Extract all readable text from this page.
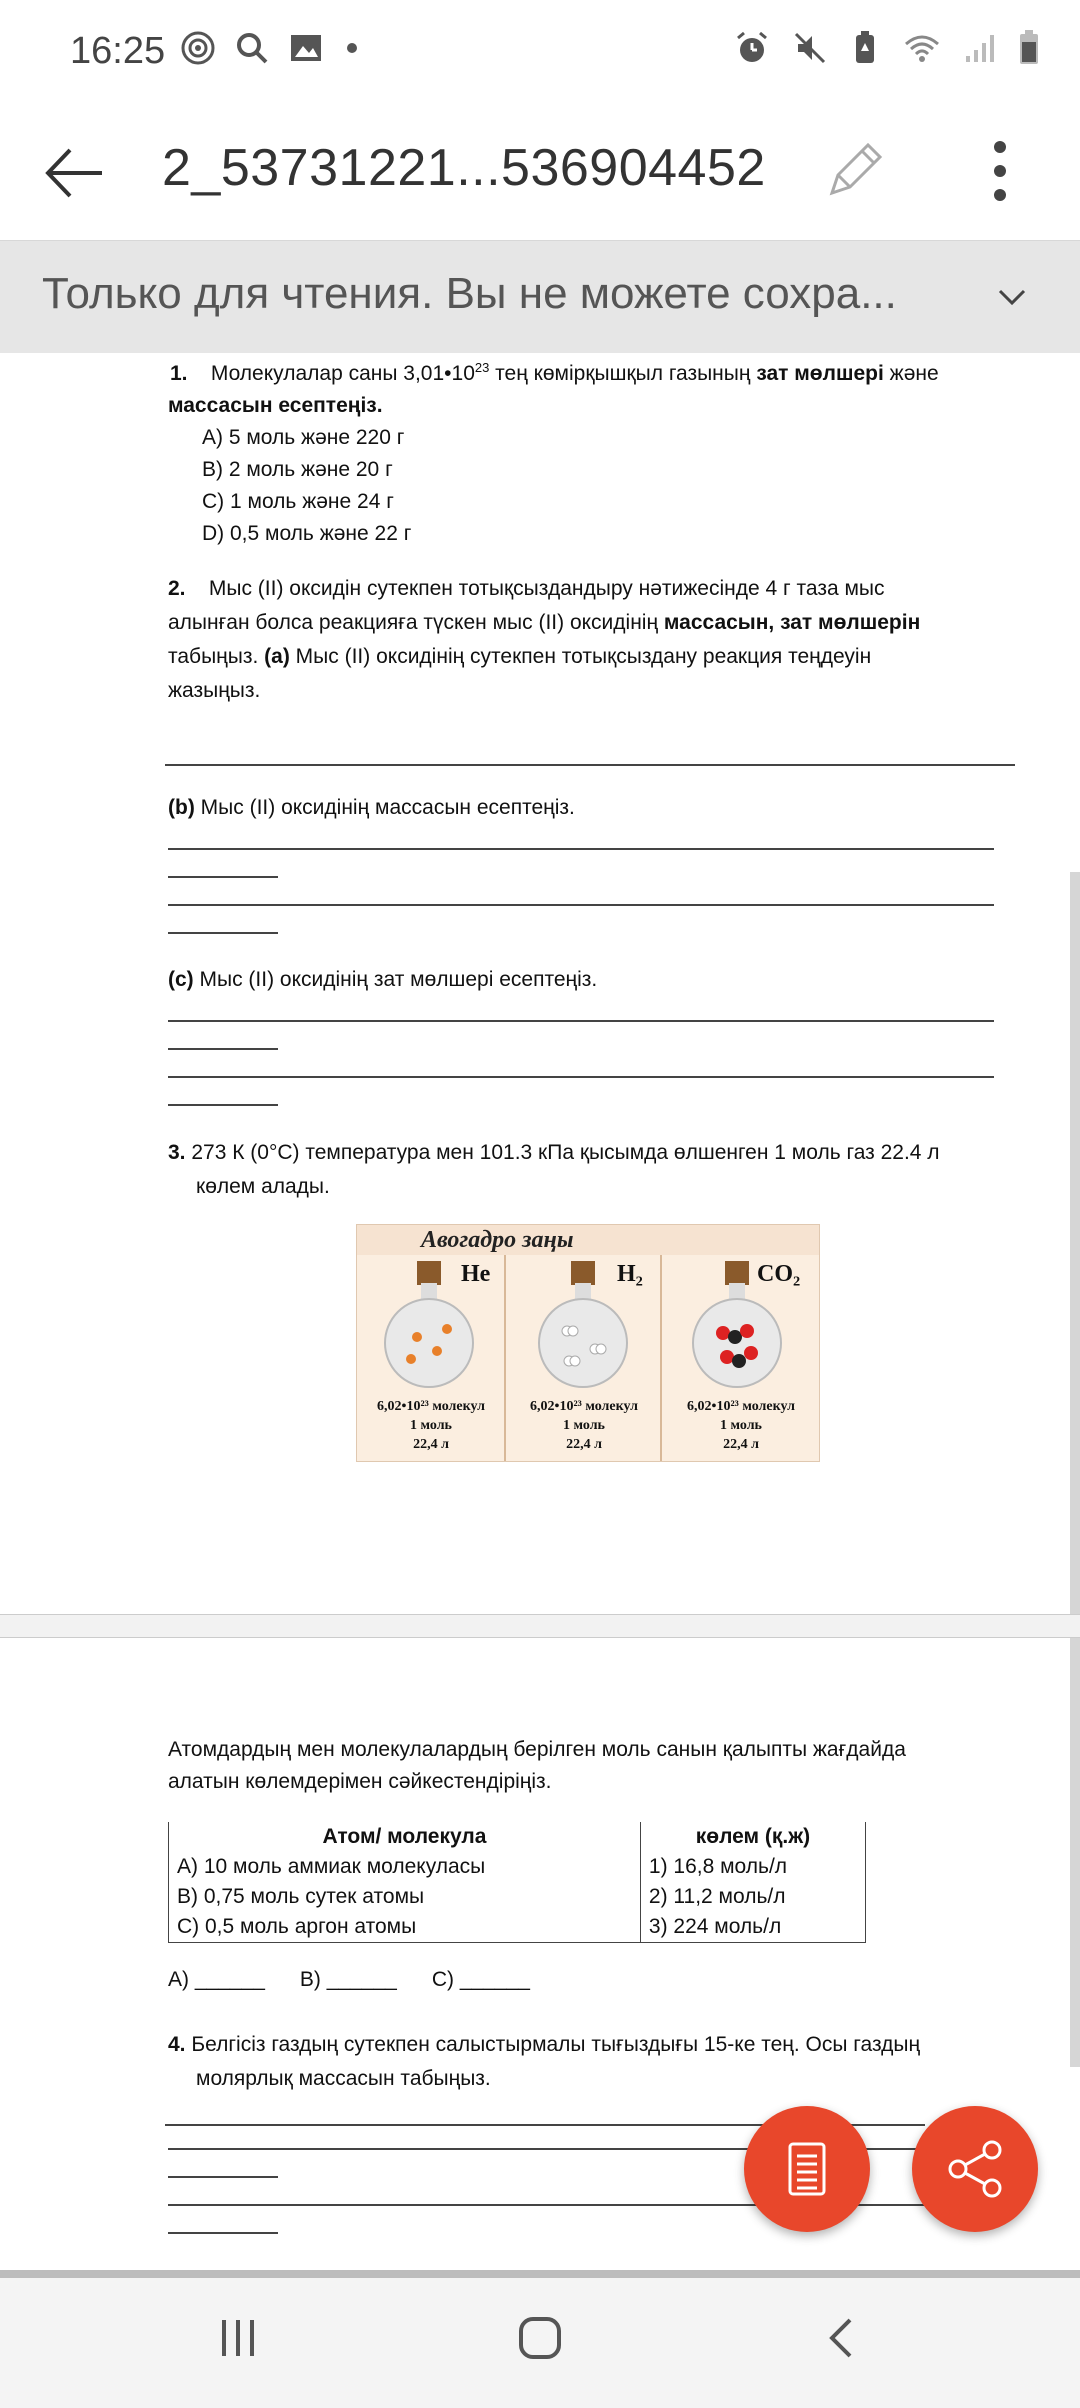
16:25
2_53731221...536904452
Только для чтения. Вы не можете сохра...
1. Молекулалар саны $3,01•10^{23}$ тең көмірқышқыл газының зат мөлшері және
массасын есептеңіз.
A) 5 моль және 220 г
B) 2 моль және 20 г
C) 1 моль және 24 г
D) 0,5 моль және 22 г
2. Мыс (II) оксидін сутекпен тотықсыздандыру нәтижесінде 4 г таза мыс
алынған болса реакцияға түскен мыс (II) оксидінің массасын, зат мөлшерін
табыңыз. (a) Мыс (II) оксидінің сутекпен тотықсыздану реакция теңдеуін
жазыңыз.
(b) Мыс (II) оксидінің массасын есептеңіз.
(c) Мыс (II) оксидінің зат мөлшері есептеңіз.
3. 273 К (0°С) температура мен 101.3 кПа қысымда өлшенген 1 моль газ 22.4 л
көлем алады.
Авогадро заңы
He	H₂	CO₂
6,02•10²³ молекул
1 моль
22,4 л
6,02•10²³ молекул
1 моль
22,4 л
6,02•10²³ молекул
1 моль
22,4 л
Атомдардың мен молекулалардың берілген моль санын қалыпты жағдайда
алатын көлемдерімен сәйкестендіріңіз.
Атом/ молекула	көлем (қ.ж)
A) 10 моль аммиак молекуласы	1) 16,8 моль/л
B) 0,75 моль сутек атомы	2) 11,2 моль/л
C) 0,5 моль аргон атомы	3) 224 моль/л
A) ______      B) ______      C) ______
4. Белгісіз газдың сутекпен салыстырмалы тығыздығы 15-ке тең. Осы газдың
молярлық массасын табыңыз.
